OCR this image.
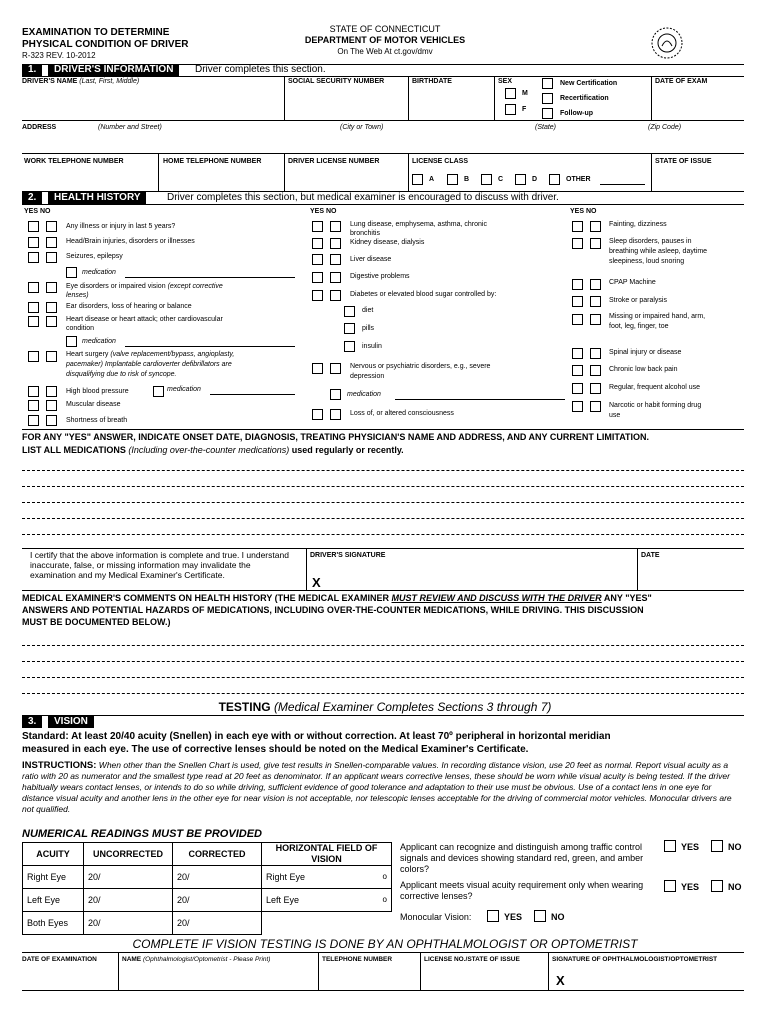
EXAMINATION TO DETERMINE
PHYSICAL CONDITION OF DRIVER
R-323 REV. 10-2012
STATE OF CONNECTICUT
DEPARTMENT OF MOTOR VEHICLES
On The Web At ct.gov/dmv
1.	DRIVER'S INFORMATION	Driver completes this section.
DRIVER'S NAME (Last, First, Middle)	SOCIAL SECURITY NUMBER	BIRTHDATE	SEX
M
F
New Certification
Recertification
Follow-up
DATE OF EXAM
ADDRESS	(Number and Street)	(City or Town)	(State)	(Zip Code)
WORK TELEPHONE NUMBER	HOME TELEPHONE NUMBER	DRIVER LICENSE NUMBER	LICENSE CLASS
A	B	C	D	OTHER
STATE OF ISSUE
2.	HEALTH HISTORY	Driver completes this section, but medical examiner is encouraged to discuss with driver.
YES NO	YES NO	YES NO
Any illness or injury in last 5 years?
Head/Brain injuries, disorders or illnesses
Seizures, epilepsy
medication
Eye disorders or impaired vision (except corrective
lenses)
Ear disorders, loss of hearing or balance
Heart disease or heart attack; other cardiovascular
condition
medication
Heart surgery (valve replacement/bypass, angioplasty,
pacemaker) Implantable cardioverter defibrillators are
disqualifying due to risk of syncope.
High blood pressure	medication
Muscular disease
Shortness of breath
Lung disease, emphysema, asthma, chronic
bronchitis
Kidney disease, dialysis
Liver disease
Digestive problems
Diabetes or elevated blood sugar controlled by:
diet
pills
insulin
Nervous or psychiatric disorders, e.g., severe
depression
medication
Loss of, or altered consciousness
Fainting, dizziness
Sleep disorders, pauses in
breathing while asleep, daytime
sleepiness, loud snoring
CPAP Machine
Stroke or paralysis
Missing or impaired hand, arm,
foot, leg, finger, toe
Spinal injury or disease
Chronic low back pain
Regular, frequent alcohol use
Narcotic or habit forming drug
use
FOR ANY "YES" ANSWER, INDICATE ONSET DATE, DIAGNOSIS, TREATING PHYSICIAN'S NAME AND ADDRESS, AND ANY CURRENT LIMITATION.
LIST ALL MEDICATIONS (Including over-the-counter medications) used regularly or recently.
I certify that the above information is complete and true. I understand inaccurate, false, or missing information may invalidate the examination and my Medical Examiner's Certificate.
DRIVER'S SIGNATURE
X
DATE
MEDICAL EXAMINER'S COMMENTS ON HEALTH HISTORY (THE MEDICAL EXAMINER MUST REVIEW AND DISCUSS WITH THE DRIVER ANY "YES"
ANSWERS AND POTENTIAL HAZARDS OF MEDICATIONS, INCLUDING OVER-THE-COUNTER MEDICATIONS, WHILE DRIVING. THIS DISCUSSION
MUST BE DOCUMENTED BELOW.)
TESTING (Medical Examiner Completes Sections 3 through 7)
3.	VISION
Standard: At least 20/40 acuity (Snellen) in each eye with or without correction. At least 70º peripheral in horizontal meridian
measured in each eye. The use of corrective lenses should be noted on the Medical Examiner's Certificate.
INSTRUCTIONS: When other than the Snellen Chart is used, give test results in Snellen-comparable values. In recording distance vision, use 20 feet as normal. Report visual acuity as a ratio with 20 as numerator and the smallest type read at 20 feet as denominator. If an applicant wears corrective lenses, these should be worn while visual acuity is being tested. If the driver habitually wears contact lenses, or intends to do so while driving, sufficient evidence of good tolerance and adaptation to their use must be obvious. Use of a contact lens in one eye for distance visual acuity and another lens in the other eye for near vision is not acceptable, nor telescopic lenses acceptable for the driving of commercial motor vehicles. Monocular drivers are not qualified.
NUMERICAL READINGS MUST BE PROVIDED
ACUITY	UNCORRECTED	CORRECTED	HORIZONTAL FIELD OF VISION
Right Eye	20/	20/	Right Eye o

Left Eye	20/	20/	Left Eye o

Both Eyes	20/	20/	
Applicant can recognize and distinguish among traffic control signals and devices showing standard red, green, and amber colors?
YES	NO
Applicant meets visual acuity requirement only when wearing corrective lenses?
YES	NO
Monocular Vision:	YES	NO
COMPLETE IF VISION TESTING IS DONE BY AN OPHTHALMOLOGIST OR OPTOMETRIST
DATE OF EXAMINATION	NAME (Ophthalmologist/Optometrist - Please Print)	TELEPHONE NUMBER	LICENSE NO./STATE OF ISSUE	SIGNATURE OF OPHTHALMOLOGIST/OPTOMETRIST
X
